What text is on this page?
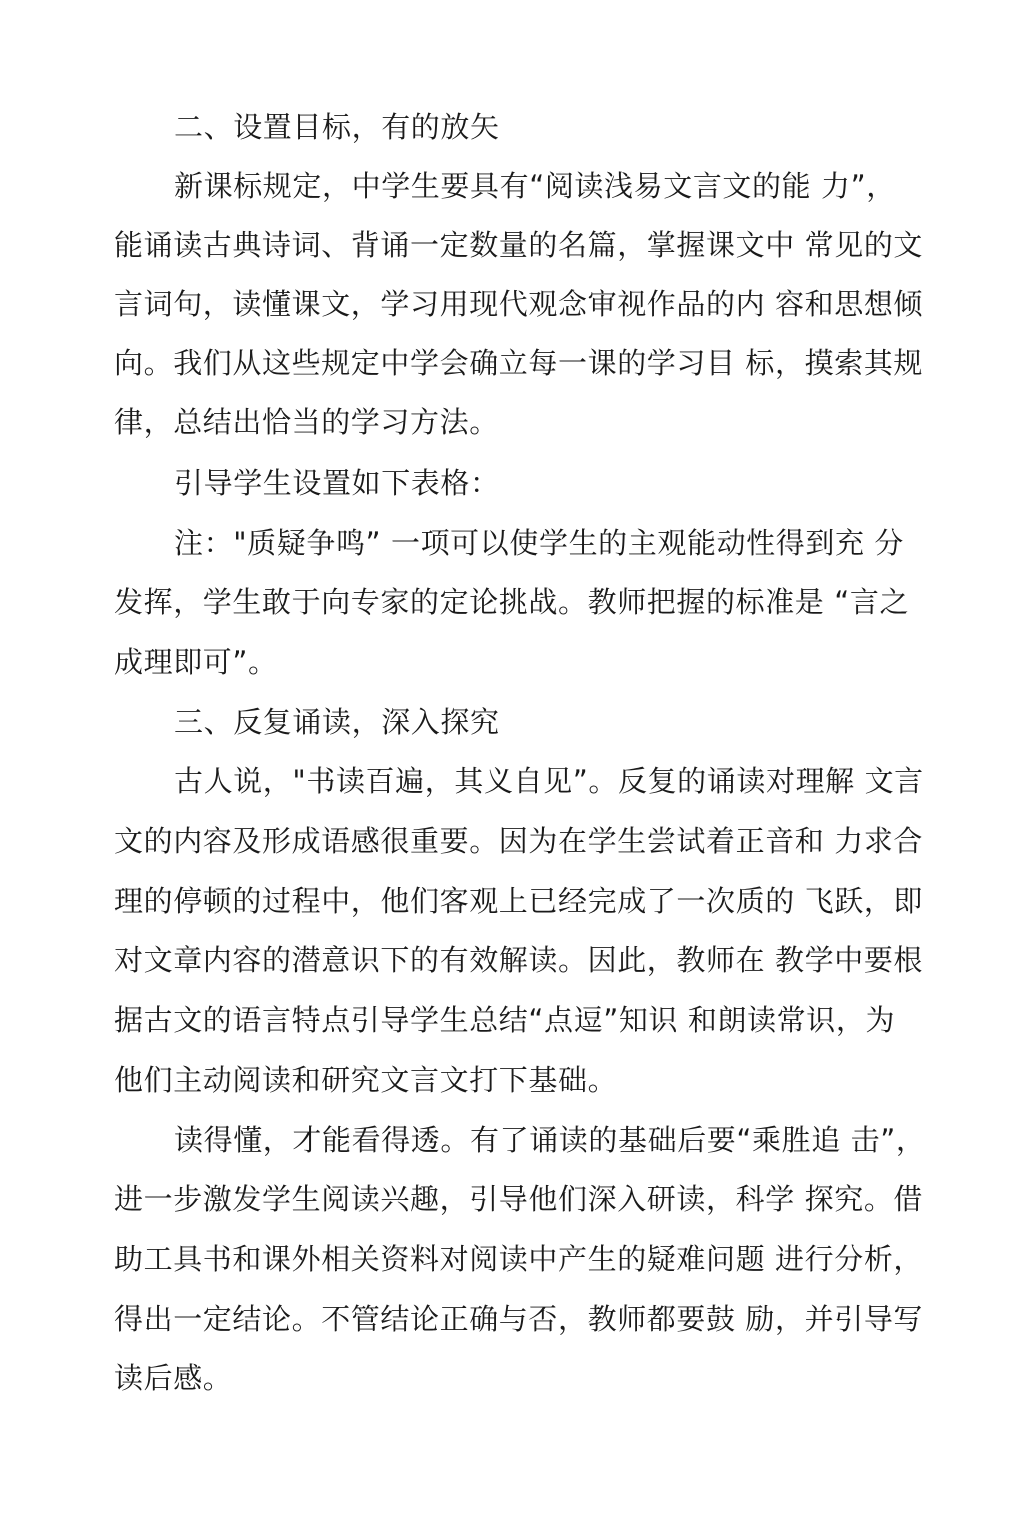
二、设置目标，有的放矢
新课标规定，中学生要具有“阅读浅易文言文的能 力”，
能诵读古典诗词、背诵一定数量的名篇，掌握课文中 常见的文
言词句，读懂课文，学习用现代观念审视作品的内 容和思想倾
向。我们从这些规定中学会确立每一课的学习目 标，摸索其规
律，总结出恰当的学习方法。
引导学生设置如下表格：
注："质疑争鸣” 一项可以使学生的主观能动性得到充 分
发挥，学生敢于向专家的定论挑战。教师把握的标准是 “言之
成理即可”。
三、反复诵读，深入探究
古人说，"书读百遍，其义自见”。反复的诵读对理解 文言
文的内容及形成语感很重要。因为在学生尝试着正音和 力求合
理的停顿的过程中，他们客观上已经完成了一次质的 飞跃，即
对文章内容的潜意识下的有效解读。因此，教师在 教学中要根
据古文的语言特点引导学生总结“点逗”知识 和朗读常识，为
他们主动阅读和研究文言文打下基础。
读得懂，才能看得透。有了诵读的基础后要“乘胜追 击”，
进一步激发学生阅读兴趣，引导他们深入研读，科学 探究。借
助工具书和课外相关资料对阅读中产生的疑难问题 进行分析，
得出一定结论。不管结论正确与否，教师都要鼓 励，并引导写
读后感。
